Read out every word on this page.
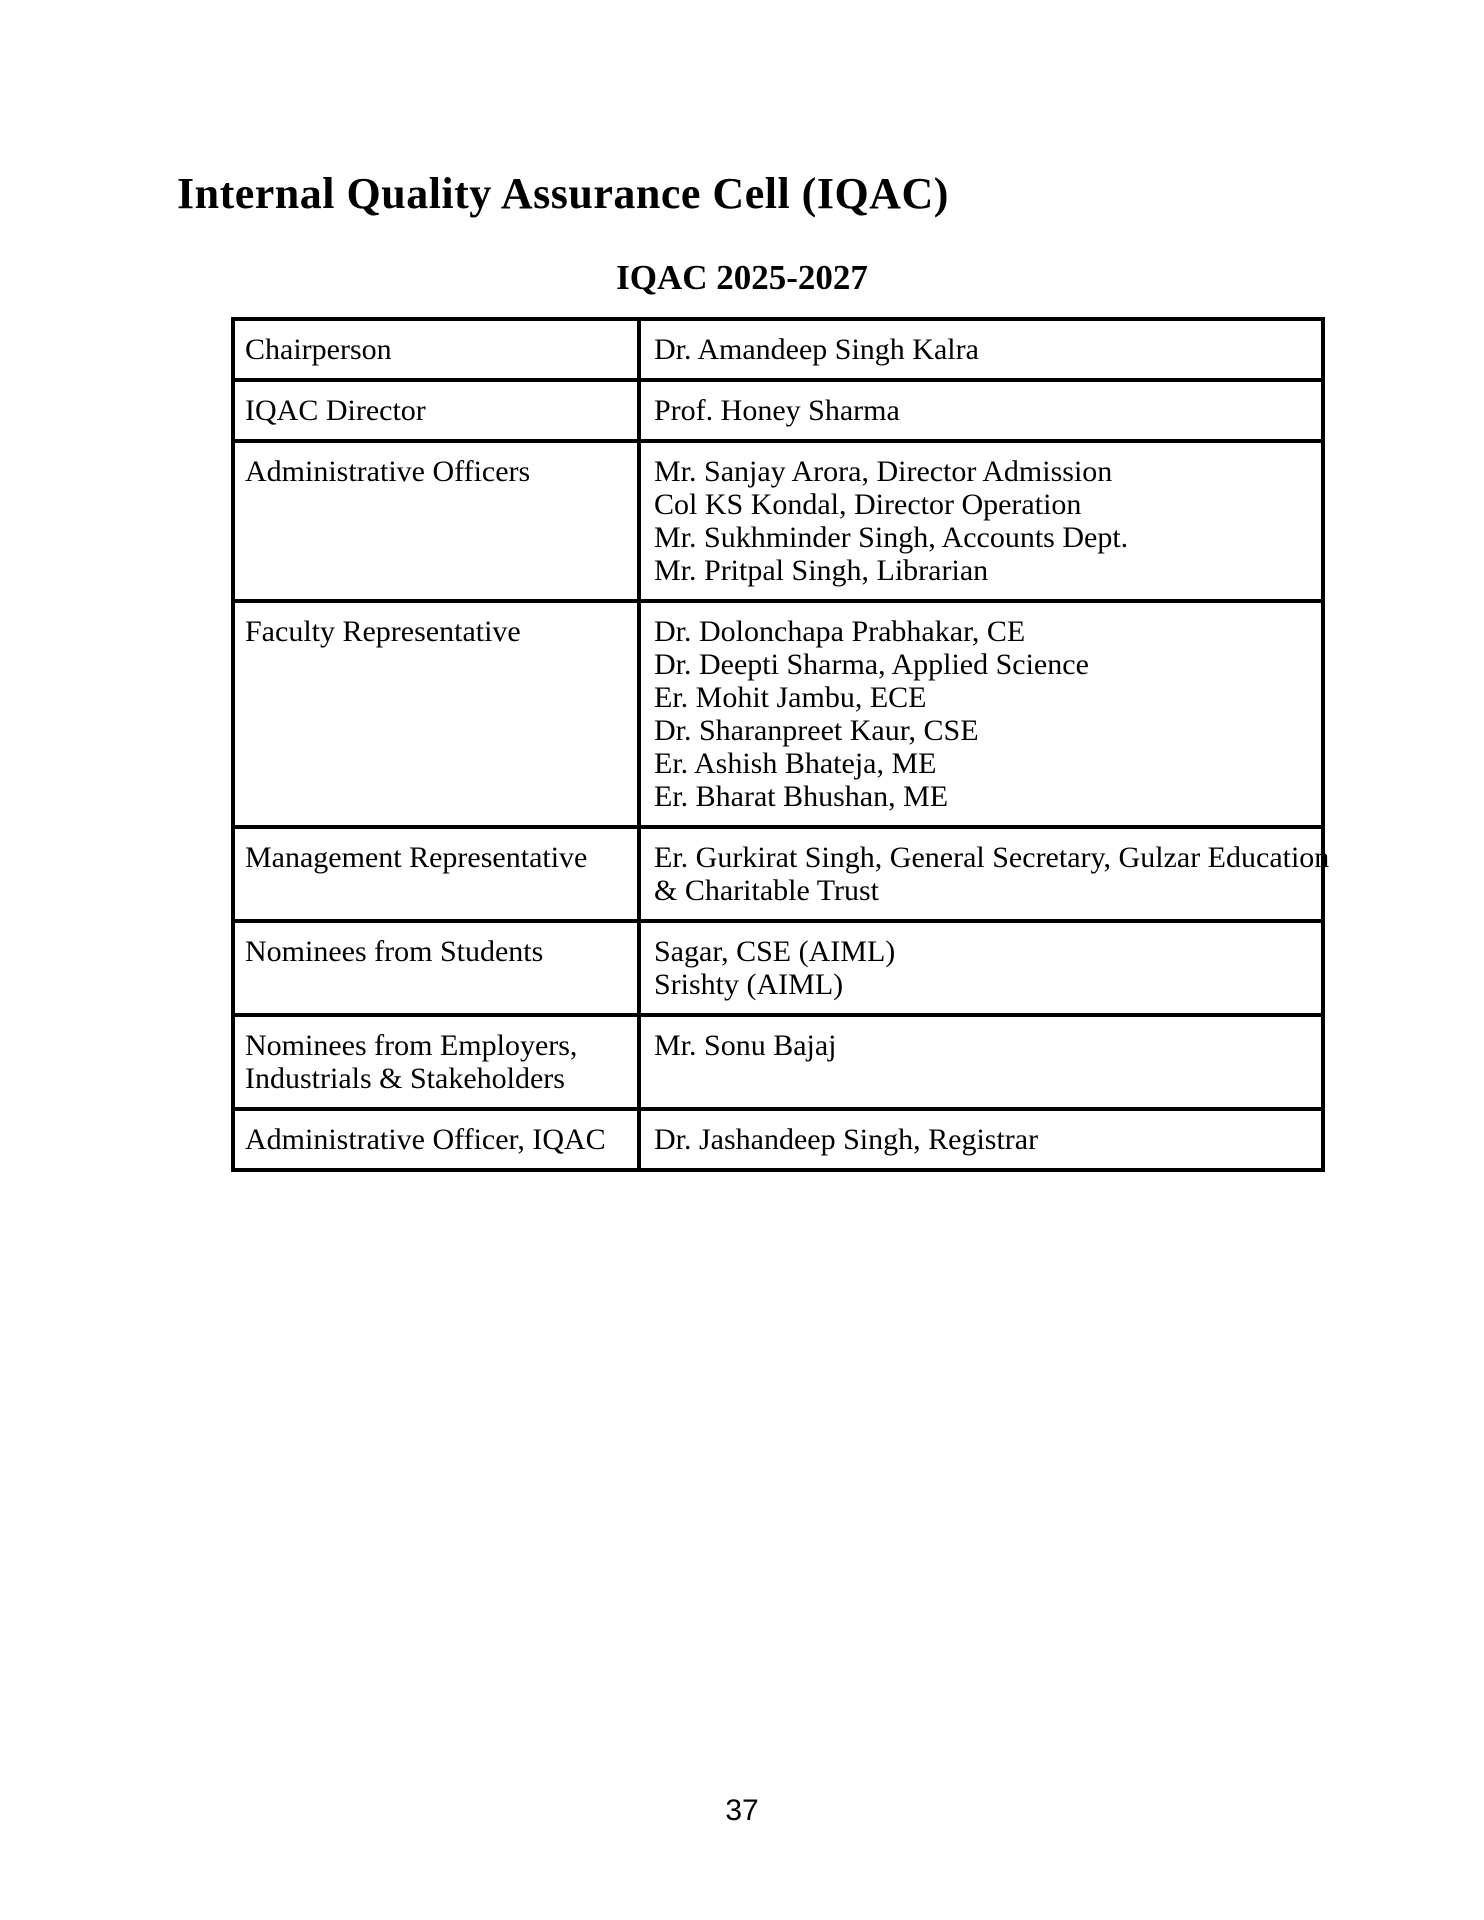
Internal Quality Assurance Cell (IQAC)
IQAC 2025-2027
Chairperson	Dr. Amandeep Singh Kalra

IQAC Director	Prof. Honey Sharma

Administrative Officers	Mr. Sanjay Arora, Director Admission
Col KS Kondal, Director Operation
Mr. Sukhminder Singh, Accounts Dept.
Mr. Pritpal Singh, Librarian

Faculty Representative	Dr. Dolonchapa Prabhakar, CE
Dr. Deepti Sharma, Applied Science
Er. Mohit Jambu, ECE
Dr. Sharanpreet Kaur, CSE
Er. Ashish Bhateja, ME
Er. Bharat Bhushan, ME

Management Representative	Er. Gurkirat Singh, General Secretary, Gulzar Education
& Charitable Trust

Nominees from Students	Sagar, CSE (AIML)
Srishty (AIML)

Nominees from Employers,
Industrials & Stakeholders	Mr. Sonu Bajaj

Administrative Officer, IQAC	Dr. Jashandeep Singh, Registrar
37
